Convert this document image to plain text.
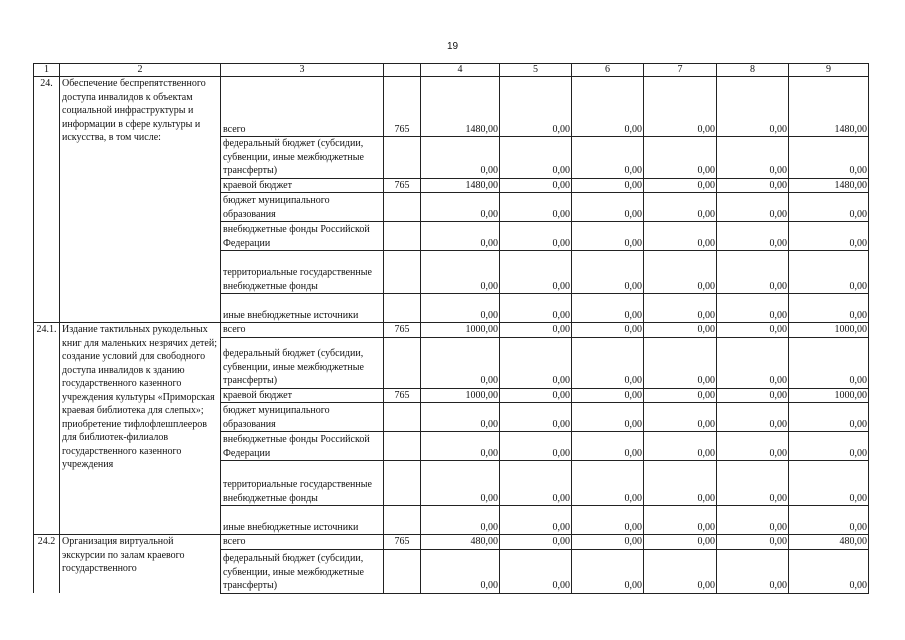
19
1	2	3		4	5	6	7	8	9
24.	Обеспечение беспрепятственного доступа инвалидов к объектам социальной инфраструктуры и информации в сфере культуры и искусства, в том числе:	всего	765	1480,00	0,00	0,00	0,00	0,00	1480,00
		федеральный бюджет (субсидии, субвенции, иные межбюджетные трансферты)		0,00	0,00	0,00	0,00	0,00	0,00
		краевой бюджет	765	1480,00	0,00	0,00	0,00	0,00	1480,00
		бюджет муниципального образования		0,00	0,00	0,00	0,00	0,00	0,00
		внебюджетные фонды Российской Федерации		0,00	0,00	0,00	0,00	0,00	0,00
		территориальные государственные внебюджетные фонды		0,00	0,00	0,00	0,00	0,00	0,00
		иные внебюджетные источники		0,00	0,00	0,00	0,00	0,00	0,00
24.1.	Издание тактильных рукодельных книг для маленьких незрячих детей; создание условий для свободного доступа инвалидов к зданию государственного казенного учреждения культуры «Приморская краевая библиотека для слепых»; приобретение тифлофлешплееров для библиотек-филиалов государственного казенного учреждения	всего	765	1000,00	0,00	0,00	0,00	0,00	1000,00
		федеральный бюджет (субсидии, субвенции, иные межбюджетные трансферты)		0,00	0,00	0,00	0,00	0,00	0,00
		краевой бюджет	765	1000,00	0,00	0,00	0,00	0,00	1000,00
		бюджет муниципального образования		0,00	0,00	0,00	0,00	0,00	0,00
		внебюджетные фонды Российской Федерации		0,00	0,00	0,00	0,00	0,00	0,00
		территориальные государственные внебюджетные фонды		0,00	0,00	0,00	0,00	0,00	0,00
		иные внебюджетные источники		0,00	0,00	0,00	0,00	0,00	0,00
24.2	Организация виртуальной экскурсии по залам краевого государственного	всего	765	480,00	0,00	0,00	0,00	0,00	480,00
		федеральный бюджет (субсидии, субвенции, иные межбюджетные трансферты)		0,00	0,00	0,00	0,00	0,00	0,00
